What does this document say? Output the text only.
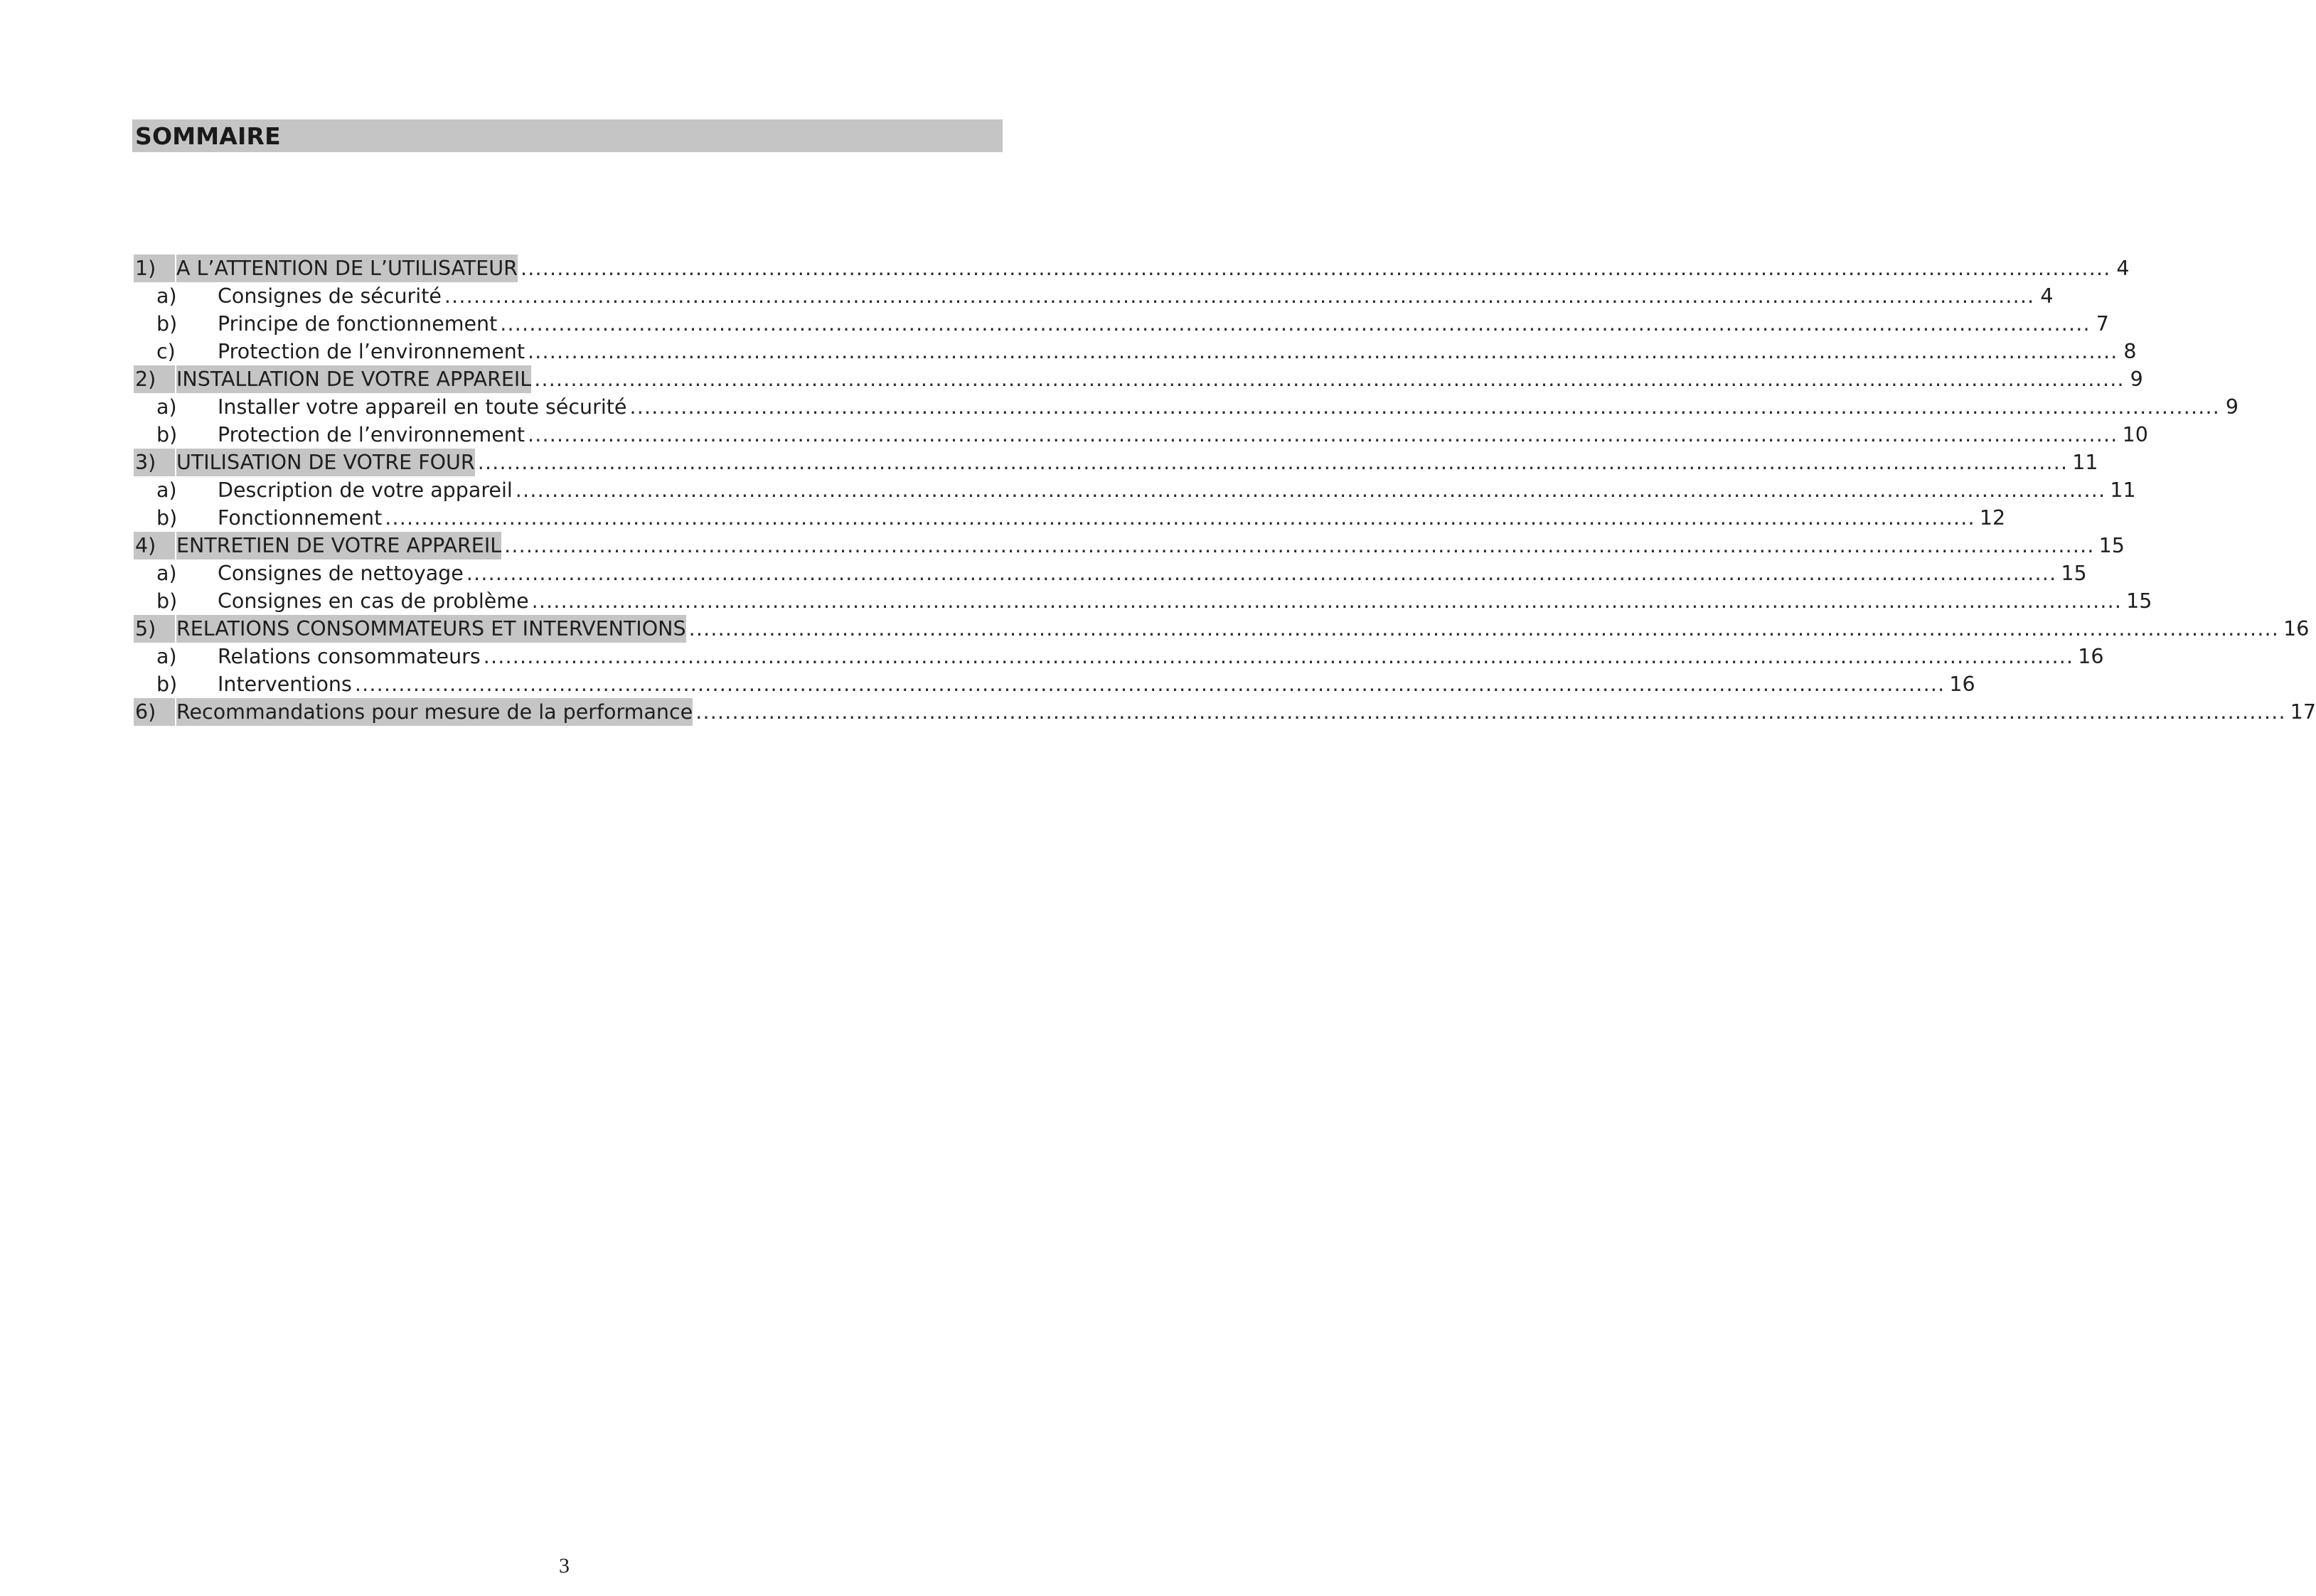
SOMMAIRE
1)	A L’ATTENTION DE L’UTILISATEUR .......................................................................................................................................................................................................................... 4
a)	Consignes de sécurité .......................................................................................................................................................................................................................... 4
b)	Principe de fonctionnement .......................................................................................................................................................................................................................... 7
c)	Protection de l’environnement .......................................................................................................................................................................................................................... 8
2)	INSTALLATION DE VOTRE APPAREIL .......................................................................................................................................................................................................................... 9
a)	Installer votre appareil en toute sécurité .......................................................................................................................................................................................................................... 9
b)	Protection de l’environnement .......................................................................................................................................................................................................................... 10
3)	UTILISATION DE VOTRE FOUR .......................................................................................................................................................................................................................... 11
a)	Description de votre appareil .......................................................................................................................................................................................................................... 11
b)	Fonctionnement .......................................................................................................................................................................................................................... 12
4)	ENTRETIEN DE VOTRE APPAREIL .......................................................................................................................................................................................................................... 15
a)	Consignes de nettoyage .......................................................................................................................................................................................................................... 15
b)	Consignes en cas de problème .......................................................................................................................................................................................................................... 15
5)	RELATIONS CONSOMMATEURS ET INTERVENTIONS .......................................................................................................................................................................................................................... 16
a)	Relations consommateurs .......................................................................................................................................................................................................................... 16
b)	Interventions .......................................................................................................................................................................................................................... 16
6)	Recommandations pour mesure de la performance .......................................................................................................................................................................................................................... 17
3
